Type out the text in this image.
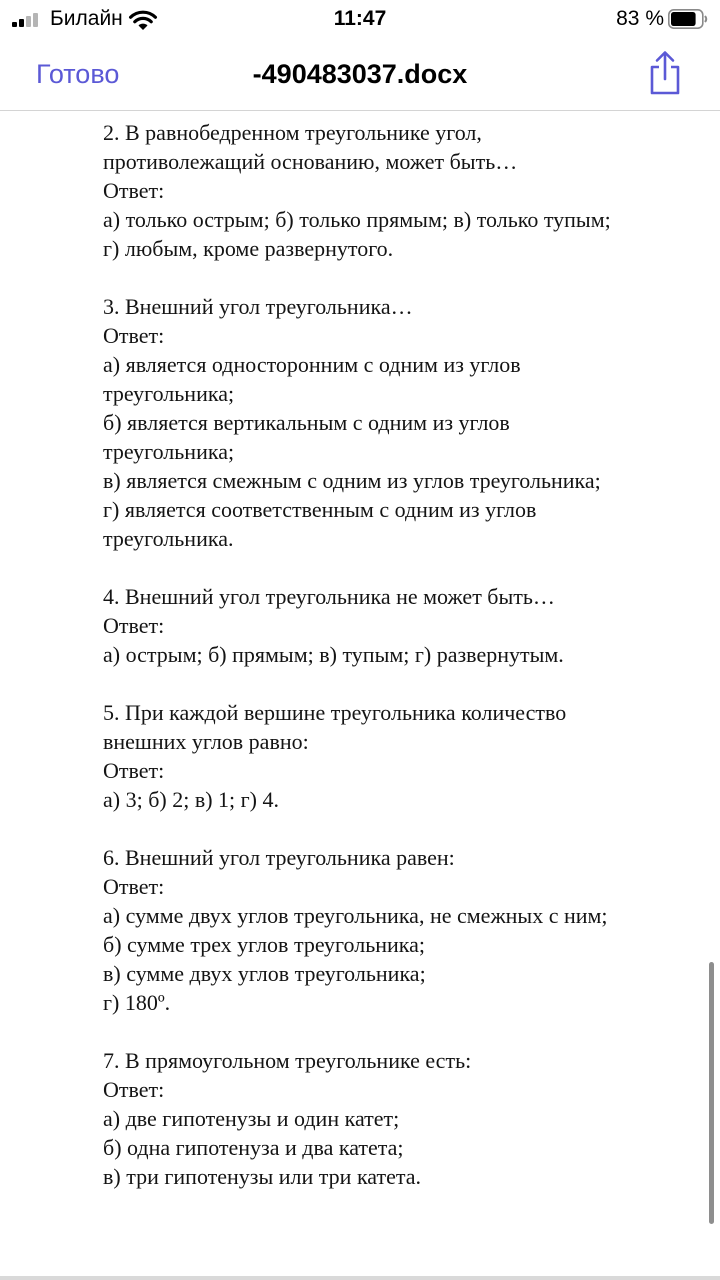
Билайн	11:47	83 %
Готово	-490483037.docx

2. В равнобедренном треугольнике угол,

противолежащий основанию, может быть…

Ответ:

а) только острым; б) только прямым; в) только тупым;

г) любым, кроме развернутого.

3. Внешний угол треугольника…

Ответ:

а) является односторонним с одним из углов

треугольника;

б) является вертикальным с одним из углов

треугольника;

в) является смежным с одним из углов треугольника;

г) является соответственным с одним из углов

треугольника.

4. Внешний угол треугольника не может быть…

Ответ:

а) острым; б) прямым; в) тупым; г) развернутым.

5. При каждой вершине треугольника количество

внешних углов равно:

Ответ:

а) 3; б) 2; в) 1; г) 4.

6. Внешний угол треугольника равен:

Ответ:

а) сумме двух углов треугольника, не смежных с ним;

б) сумме трех углов треугольника;

в) сумме двух углов треугольника;

г) 180º.

7. В прямоугольном треугольнике есть:

Ответ:

а) две гипотенузы и один катет;

б) одна гипотенуза и два катета;

в) три гипотенузы или три катета.
